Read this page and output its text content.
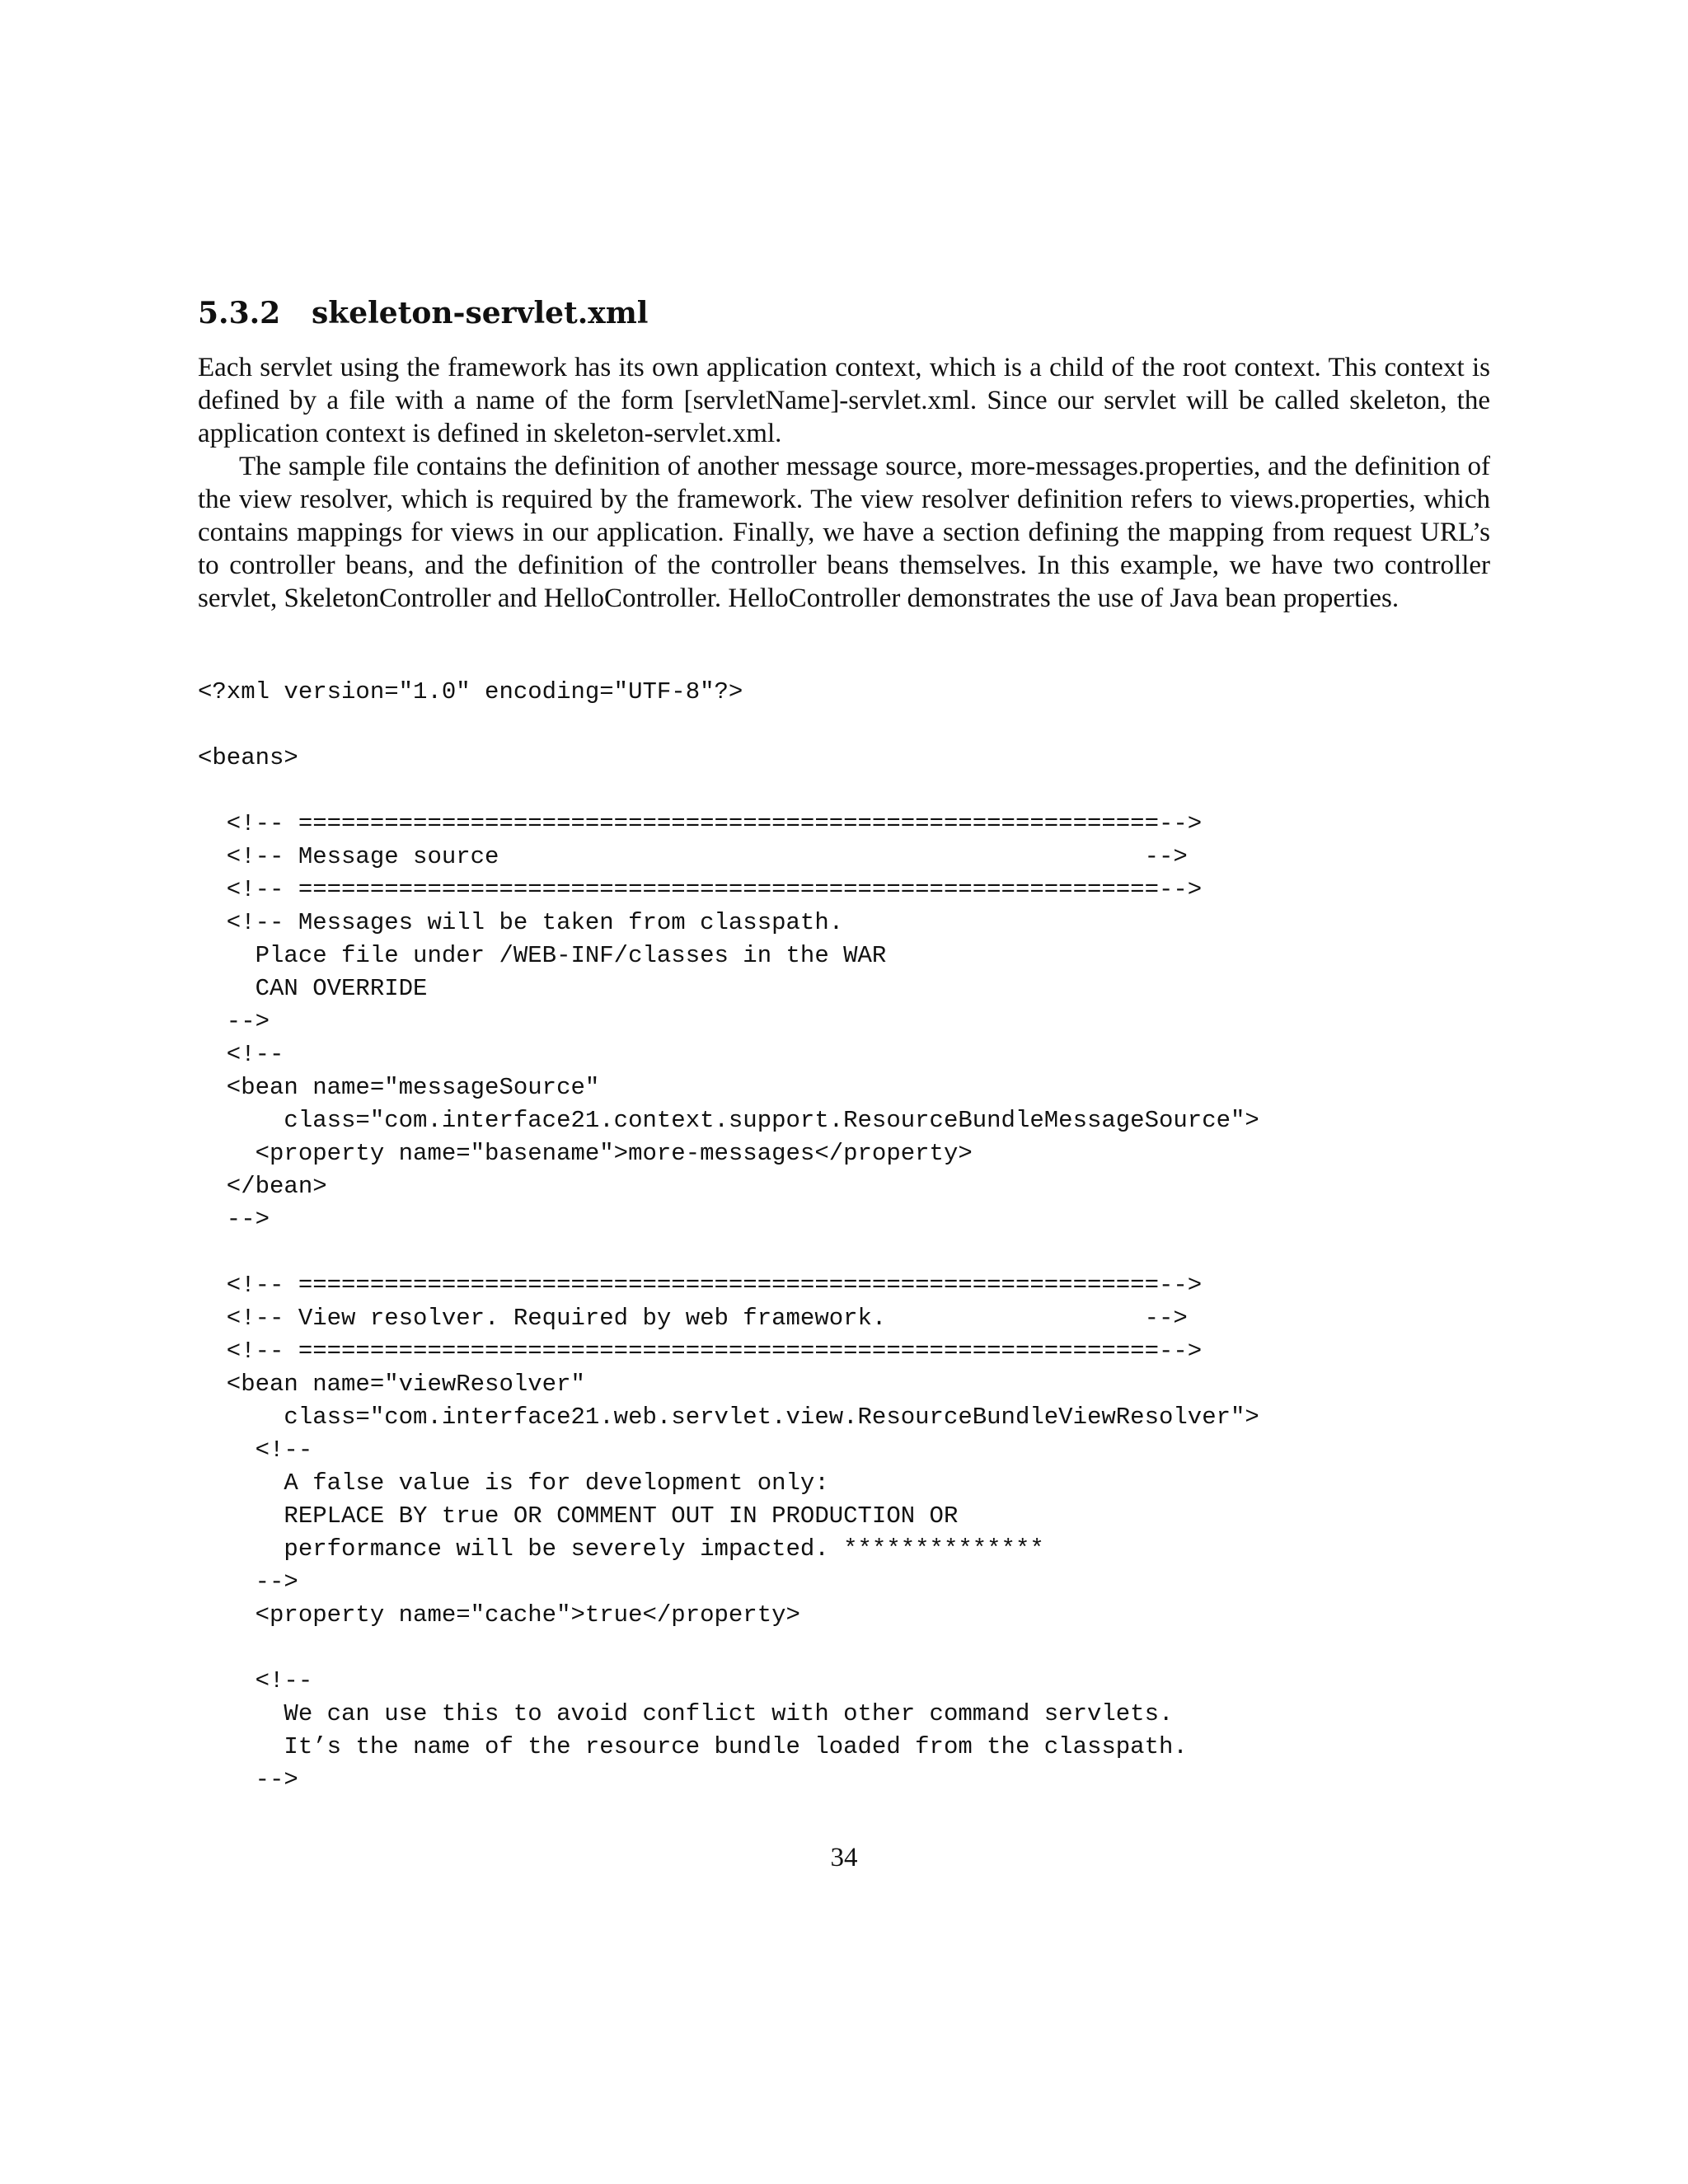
5.3.2 skeleton-servlet.xml

Each servlet using the framework has its own application context, which is a child of the root context. This context is defined by a file with a name of the form [servletName]-servlet.xml. Since our servlet will be called skeleton, the application context is defined in skeleton-servlet.xml.

The sample file contains the definition of another message source, more-messages.properties, and the definition of the view resolver, which is required by the framework. The view resolver definition refers to views.properties, which contains mappings for views in our application. Finally, we have a section defining the mapping from request URL’s to controller beans, and the definition of the controller beans themselves. In this example, we have two controller servlet, SkeletonController and HelloController. HelloController demonstrates the use of Java bean properties.

<?xml version="1.0" encoding="UTF-8"?>
<beans>
<!-- ============================================================-->
<!-- Message source                                             -->
<!-- ============================================================-->
<!-- Messages will be taken from classpath.
Place file under /WEB-INF/classes in the WAR
CAN OVERRIDE
-->
<!--
<bean name="messageSource"
class="com.interface21.context.support.ResourceBundleMessageSource">
<property name="basename">more-messages</property>
</bean>
-->
<!-- ============================================================-->
<!-- View resolver. Required by web framework.                  -->
<!-- ============================================================-->
<bean name="viewResolver"
class="com.interface21.web.servlet.view.ResourceBundleViewResolver">
<!--
A false value is for development only:
REPLACE BY true OR COMMENT OUT IN PRODUCTION OR
performance will be severely impacted. **************
-->
<property name="cache">true</property>
<!--
We can use this to avoid conflict with other command servlets.
It’s the name of the resource bundle loaded from the classpath.
-->
34
